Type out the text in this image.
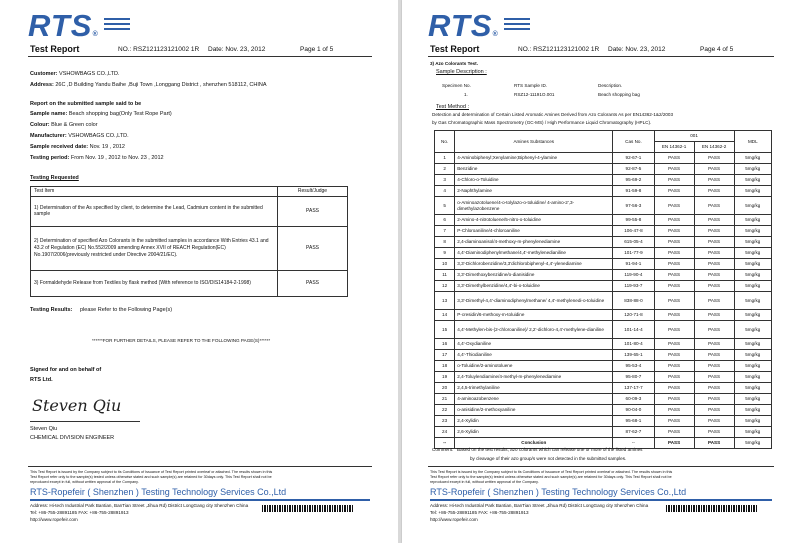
RTS®
Test Report	NO.: RSZ121123121002 1R Date: Nov. 23, 2012	Page 1 of 5
Customer: VSHOWBAGS CO.,LTD.
Address: 26C ,D Building Yandu Baihe ,Buji Town ,Longgang District , shenzhen 518112, CHINA
Report on the submitted sample said to be
Sample name: Beach shopping bag(Only Test Rope Part)
Colour: Blue & Green color
Manufacturer: VSHOWBAGS CO.,LTD.
Sample received date: Nov. 19 , 2012
Testing period: From Nov. 19 , 2012 to Nov. 23 , 2012
Testing Requested
Test Item	Result/Judge
1) Determination of the As specified by client, to determine the Lead, Cadmium content in the submitted sample	PASS
2) Determination of specified Azo Colorants in the submitted samples in accordance With Entries 43.1 and 43.2 of Regulation (EC) No.552/2009 amending Annex XVII of REACH Regulation(EC) No.1907/2006(previously restricted under Directive 2004/21/EC).	PASS
3) Formaldehyde Release from Textiles by flask method (With reference to ISO/DIS14184-2-1998)	PASS
Testing Results: please Refer to the Following Page(s)
******FOR FURTHER DETAILS, PLEASE REFER TO THE FOLLOWING PAGE(S)******
Signed for and on behalf of
RTS Ltd.
Steven Qiu
Steven Qiu
CHEMICAL DIVISION ENGINEER
This Test Report is issued by the Company subject to its Conditions of Issuance of Test Report printed overleaf or attached. The results shown in this
Test Report refer only to the sample(s) tested unless otherwise stated and such sample(s) are retained for 30days only. This Test Report shall not be
reproduced except in full, without written approval of the Company.
RTS-Ropefeir ( Shenzhen ) Testing Technology Services Co.,Ltd
Address: Hi-tech Industrial Park Bantian, BanTian Street ,Jihua Rd) District LongGang city Shenzhen China
Tel: +86-755-28891185 FAX: +86-755-28891913
http://www.ropefeir.com
RTS®
Test Report	NO.: RSZ121123121002 1R Date: Nov. 23, 2012	Page 4 of 5
3) Azo Colorants Test.
Sample Description :
Specimen No.	RTS Sample ID.	Description.
1.	RSZ12-11191O.001	Beach shopping bag
Test Method :
Detection and determination of Certain Listed Aromatic Amines Derived from Azo Colorants As per EN14362-1&2/2003
by Gas Chromatographic Mass Spectrometry (GC-MS) / High Performance Liquid Chromatography (HPLC).
No.	Amines Substances	Cas No.	001		MDL
			EN 14362-1	EN 14362-2	
1	4-Aminobiphenyl;Xenylamine;Biphenyl-4-ylamine	92-67-1	PASS	PASS	5mg/kg
2	Benzidine	92-87-5	PASS	PASS	5mg/kg
3	4-Chloro-o-Toluidine	95-69-2	PASS	PASS	5mg/kg
4	2-Naphthylamine	91-59-8	PASS	PASS	5mg/kg
5	o-Aminoazotoluene/4-o-tolylazo-o-toluidine/ 4-amino-2',3-dimethylazobenzene	97-56-3	PASS	PASS	5mg/kg
6	2-Amino-4-nitrotoluene/5-nitro-o-toluidine	99-55-8	PASS	PASS	5mg/kg
7	P-Chloroaniline/4-chloroaniline	106-47-8	PASS	PASS	5mg/kg
8	2,4-diaminoanisol/4-methoxy-m-phenylenediamine	615-05-4	PASS	PASS	5mg/kg
9	4,4'-Diaminodiphenylmethane/4,4'-methylenedianiline	101-77-9	PASS	PASS	5mg/kg
10	3,3'-Dichlorobenzidine/3,3'dichlorobiphenyl-4,4'-ylenediamine	91-94-1	PASS	PASS	5mg/kg
11	3,3'-Dimethoxybenzidine/o-dianisidine	119-90-4	PASS	PASS	5mg/kg
12	3,3'-Dimethylbenzidine/4,4'-bi-o-toluidine	119-93-7	PASS	PASS	5mg/kg
13	3,3'-Dimethyl-4,4'-diaminodiphenylmethane/ 4,4'-methylenedi-o-toluidine	838-88-0	PASS	PASS	5mg/kg
14	P-cresidin/6-methoxy-m-toluidine	120-71-8	PASS	PASS	5mg/kg
15	4,4'-Methylen-bis-(2-chloroaniline)/ 2,2'-dichloro-4,4'-methylene-dianiline	101-14-4	PASS	PASS	5mg/kg
16	4,4'-Oxydianiline	101-80-4	PASS	PASS	5mg/kg
17	4,4'-Thiodianiline	139-65-1	PASS	PASS	5mg/kg
18	o-Toluidine/2-aminotoluene	95-53-4	PASS	PASS	5mg/kg
19	2,4-Toluylendiamine/4-methyl-m-phenylenediamine	95-80-7	PASS	PASS	5mg/kg
20	2,4,5-trimethylaniline	137-17-7	PASS	PASS	5mg/kg
21	4-aminoazobenzene	60-09-3	PASS	PASS	5mg/kg
22	o-anisidine/2-methoxyaniline	90-04-0	PASS	PASS	5mg/kg
23	2,4-Xylidin	95-68-1	PASS	PASS	5mg/kg
24	2,6-Xylidin	87-62-7	PASS	PASS	5mg/kg
--	Conclusion	--	PASS	PASS	5mg/kg
Comment: Based on the test results, azo colorants which can release one or more of the listed amines
by cleavage of their azo group/s were not detected in the submitted samples.
This Test Report is issued by the Company subject to its Conditions of Issuance of Test Report printed overleaf or attached. The results shown in this
Test Report refer only to the sample(s) tested unless otherwise stated and such sample(s) are retained for 30days only. This Test Report shall not be
reproduced except in full, without written approval of the Company.
RTS-Ropefeir ( Shenzhen ) Testing Technology Services Co.,Ltd
Address: Hi-tech Industrial Park Bantian, BanTian Street ,Jihua Rd) District LongGang city Shenzhen China
Tel: +86-755-28891185 FAX: +86-755-28891913
http://www.ropefeir.com
